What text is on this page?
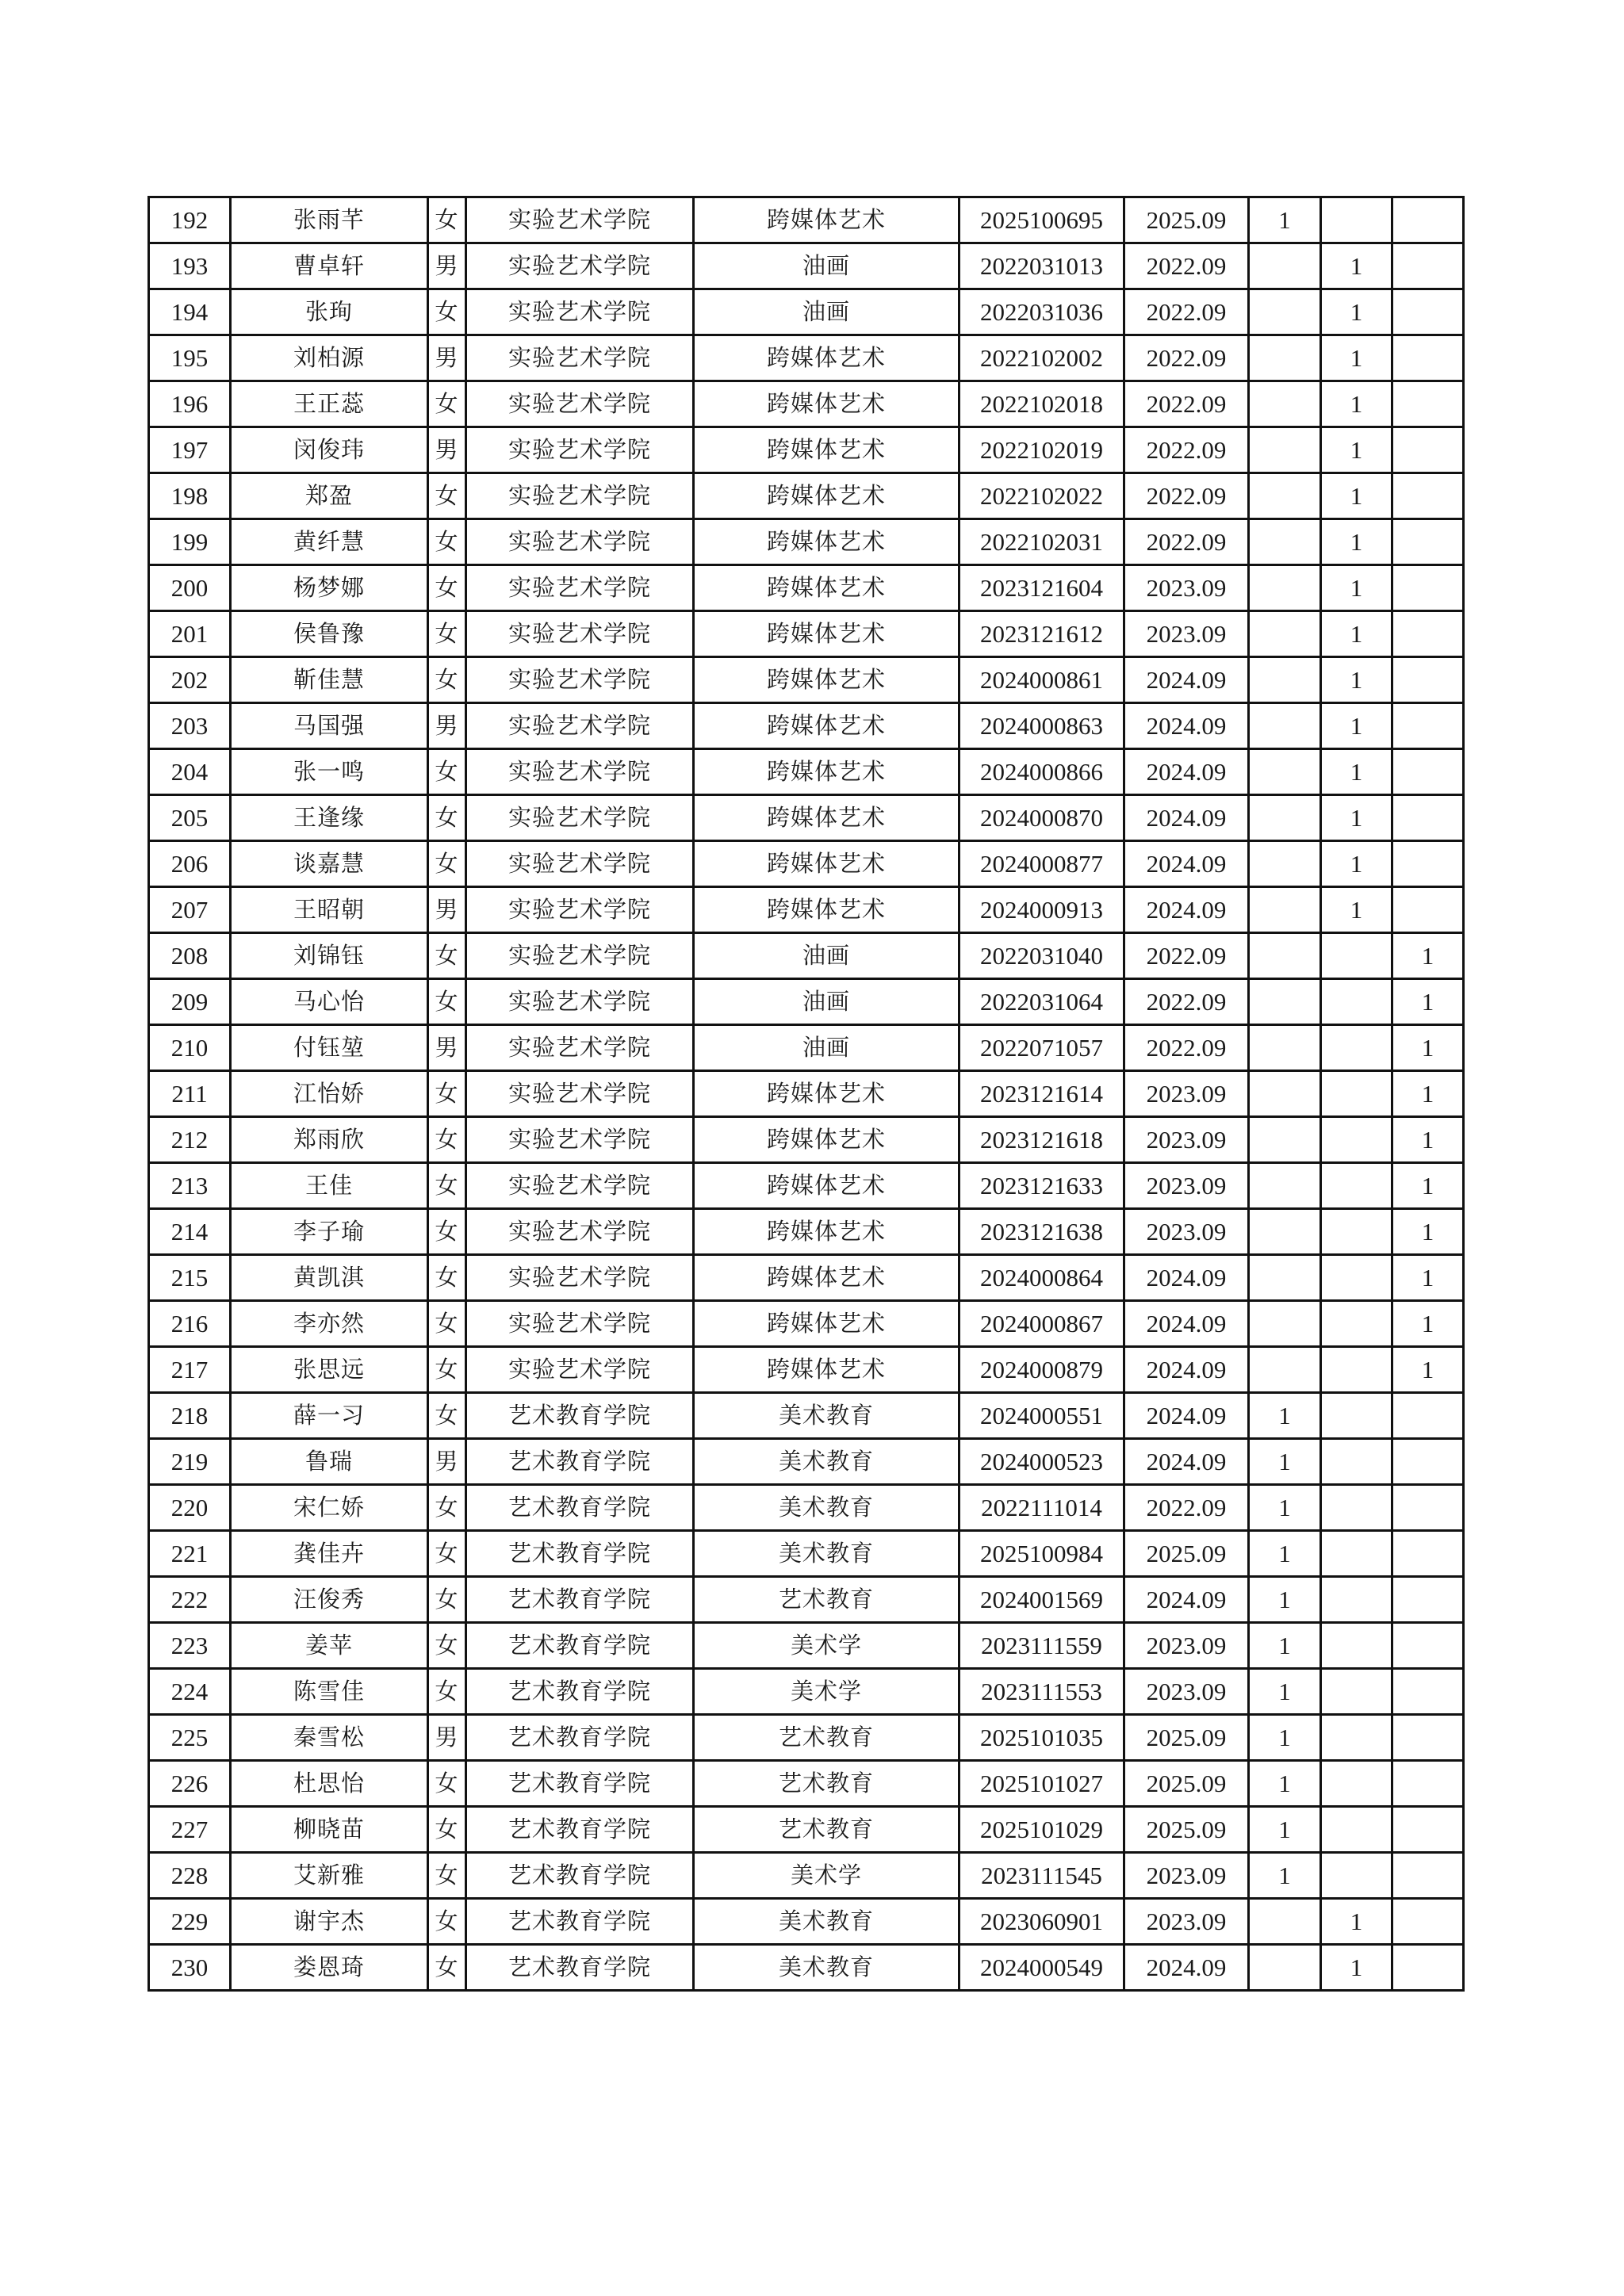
192	张雨芊	女	实验艺术学院	跨媒体艺术	2025100695	2025.09	1		
193	曹卓轩	男	实验艺术学院	油画	2022031013	2022.09		1	
194	张珣	女	实验艺术学院	油画	2022031036	2022.09		1	
195	刘柏源	男	实验艺术学院	跨媒体艺术	2022102002	2022.09		1	
196	王正蕊	女	实验艺术学院	跨媒体艺术	2022102018	2022.09		1	
197	闵俊玮	男	实验艺术学院	跨媒体艺术	2022102019	2022.09		1	
198	郑盈	女	实验艺术学院	跨媒体艺术	2022102022	2022.09		1	
199	黄纤慧	女	实验艺术学院	跨媒体艺术	2022102031	2022.09		1	
200	杨梦娜	女	实验艺术学院	跨媒体艺术	2023121604	2023.09		1	
201	侯鲁豫	女	实验艺术学院	跨媒体艺术	2023121612	2023.09		1	
202	靳佳慧	女	实验艺术学院	跨媒体艺术	2024000861	2024.09		1	
203	马国强	男	实验艺术学院	跨媒体艺术	2024000863	2024.09		1	
204	张一鸣	女	实验艺术学院	跨媒体艺术	2024000866	2024.09		1	
205	王逢缘	女	实验艺术学院	跨媒体艺术	2024000870	2024.09		1	
206	谈嘉慧	女	实验艺术学院	跨媒体艺术	2024000877	2024.09		1	
207	王昭朝	男	实验艺术学院	跨媒体艺术	2024000913	2024.09		1	
208	刘锦钰	女	实验艺术学院	油画	2022031040	2022.09			1
209	马心怡	女	实验艺术学院	油画	2022031064	2022.09			1
210	付钰堃	男	实验艺术学院	油画	2022071057	2022.09			1
211	江怡娇	女	实验艺术学院	跨媒体艺术	2023121614	2023.09			1
212	郑雨欣	女	实验艺术学院	跨媒体艺术	2023121618	2023.09			1
213	王佳	女	实验艺术学院	跨媒体艺术	2023121633	2023.09			1
214	李子瑜	女	实验艺术学院	跨媒体艺术	2023121638	2023.09			1
215	黄凯淇	女	实验艺术学院	跨媒体艺术	2024000864	2024.09			1
216	李亦然	女	实验艺术学院	跨媒体艺术	2024000867	2024.09			1
217	张思远	女	实验艺术学院	跨媒体艺术	2024000879	2024.09			1
218	薛一习	女	艺术教育学院	美术教育	2024000551	2024.09	1		
219	鲁瑞	男	艺术教育学院	美术教育	2024000523	2024.09	1		
220	宋仁娇	女	艺术教育学院	美术教育	2022111014	2022.09	1		
221	龚佳卉	女	艺术教育学院	美术教育	2025100984	2025.09	1		
222	汪俊秀	女	艺术教育学院	艺术教育	2024001569	2024.09	1		
223	姜苹	女	艺术教育学院	美术学	2023111559	2023.09	1		
224	陈雪佳	女	艺术教育学院	美术学	2023111553	2023.09	1		
225	秦雪松	男	艺术教育学院	艺术教育	2025101035	2025.09	1		
226	杜思怡	女	艺术教育学院	艺术教育	2025101027	2025.09	1		
227	柳晓苗	女	艺术教育学院	艺术教育	2025101029	2025.09	1		
228	艾新雅	女	艺术教育学院	美术学	2023111545	2023.09	1		
229	谢宇杰	女	艺术教育学院	美术教育	2023060901	2023.09		1	
230	娄恩琦	女	艺术教育学院	美术教育	2024000549	2024.09		1	
